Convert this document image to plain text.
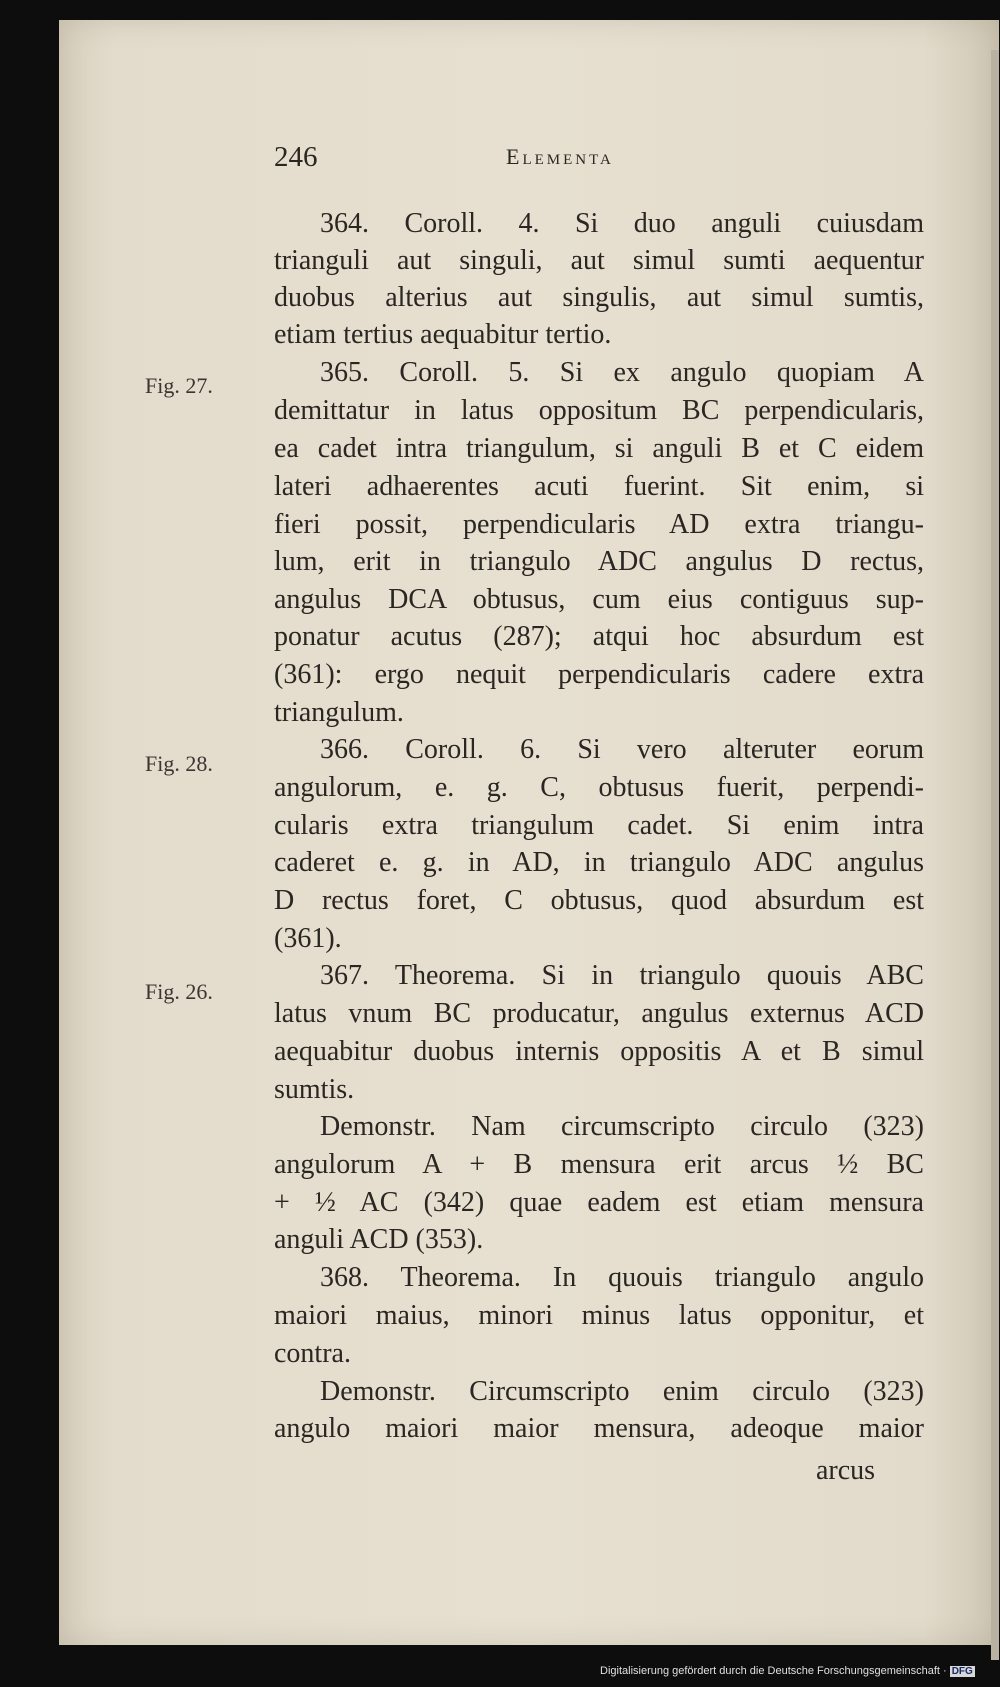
246	Elementa
Fig. 27.
Fig. 28.
Fig. 26.
364. Coroll. 4. Si duo anguli cuiusdam
trianguli aut singuli, aut simul sumti aequentur
duobus alterius aut singulis, aut simul sumtis,
etiam tertius aequabitur tertio.
365. Coroll. 5. Si ex angulo quopiam A
demittatur in latus oppositum BC perpendicularis,
ea cadet intra triangulum, si anguli B et C eidem
lateri adhaerentes acuti fuerint. Sit enim, si
fieri possit, perpendicularis AD extra triangu-
lum, erit in triangulo ADC angulus D rectus,
angulus DCA obtusus, cum eius contiguus sup-
ponatur acutus (287); atqui hoc absurdum est
(361): ergo nequit perpendicularis cadere extra
triangulum.
366. Coroll. 6. Si vero alteruter eorum
angulorum, e. g. C, obtusus fuerit, perpendi-
cularis extra triangulum cadet. Si enim intra
caderet e. g. in AD, in triangulo ADC angulus
D rectus foret, C obtusus, quod absurdum est
(361).
367. Theorema. Si in triangulo quouis ABC
latus vnum BC producatur, angulus externus ACD
aequabitur duobus internis oppositis A et B simul
sumtis.
Demonstr. Nam circumscripto circulo (323)
angulorum A + B mensura erit arcus ½ BC
+ ½ AC (342) quae eadem est etiam mensura
anguli ACD (353).
368. Theorema. In quouis triangulo angulo
maiori maius, minori minus latus opponitur, et
contra.
Demonstr. Circumscripto enim circulo (323)
angulo maiori maior mensura, adeoque maior
arcus
Digitalisierung gefördert durch die Deutsche Forschungsgemeinschaft · DFG
